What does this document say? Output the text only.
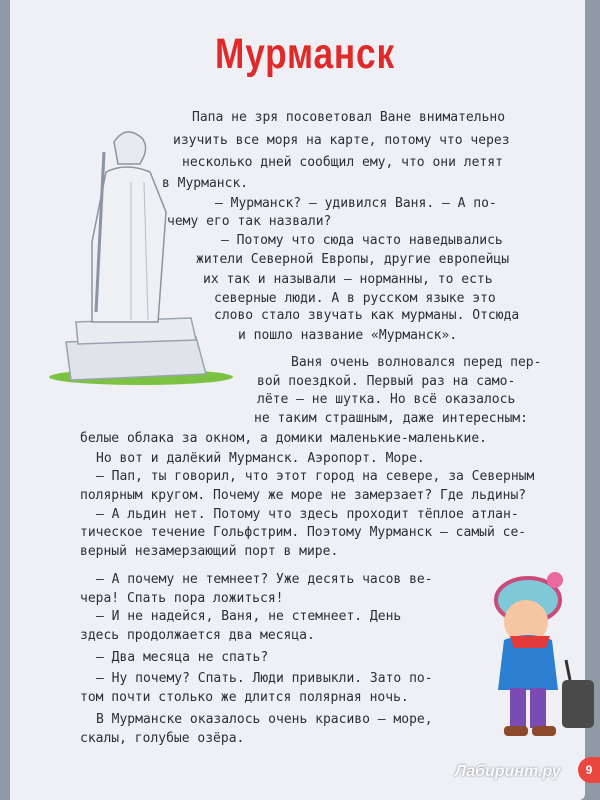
Мурманск
Папа не зря посоветовал Ване внимательно
изучить все моря на карте, потому что через
несколько дней сообщил ему, что они летят
в Мурманск.
– Мурманск? – удивился Ваня. – А по-
чему его так назвали?
– Потому что сюда часто наведывались
жители Северной Европы, другие европейцы
их так и называли – норманны, то есть
северные люди. А в русском языке это
слово стало звучать как мурманы. Отсюда
и пошло название «Мурманск».
Ваня очень волновался перед пер-
вой поездкой. Первый раз на само-
лёте – не шутка. Но всё оказалось
не таким страшным, даже интересным:
белые облака за окном, а домики маленькие-маленькие.
Но вот и далёкий Мурманск. Аэропорт. Море.
– Пап, ты говорил, что этот город на севере, за Северным
полярным кругом. Почему же море не замерзает? Где льдины?
– А льдин нет. Потому что здесь проходит тёплое атлан-
тическое течение Гольфстрим. Поэтому Мурманск – самый се-
верный незамерзающий порт в мире.
– А почему не темнеет? Уже десять часов ве-
чера! Спать пора ложиться!
– И не надейся, Ваня, не стемнеет. День
здесь продолжается два месяца.
– Два месяца не спать?
– Ну почему? Спать. Люди привыкли. Зато по-
том почти столько же длится полярная ночь.
В Мурманске оказалось очень красиво – море,
скалы, голубые озёра.
Лабиринт.ру	9
